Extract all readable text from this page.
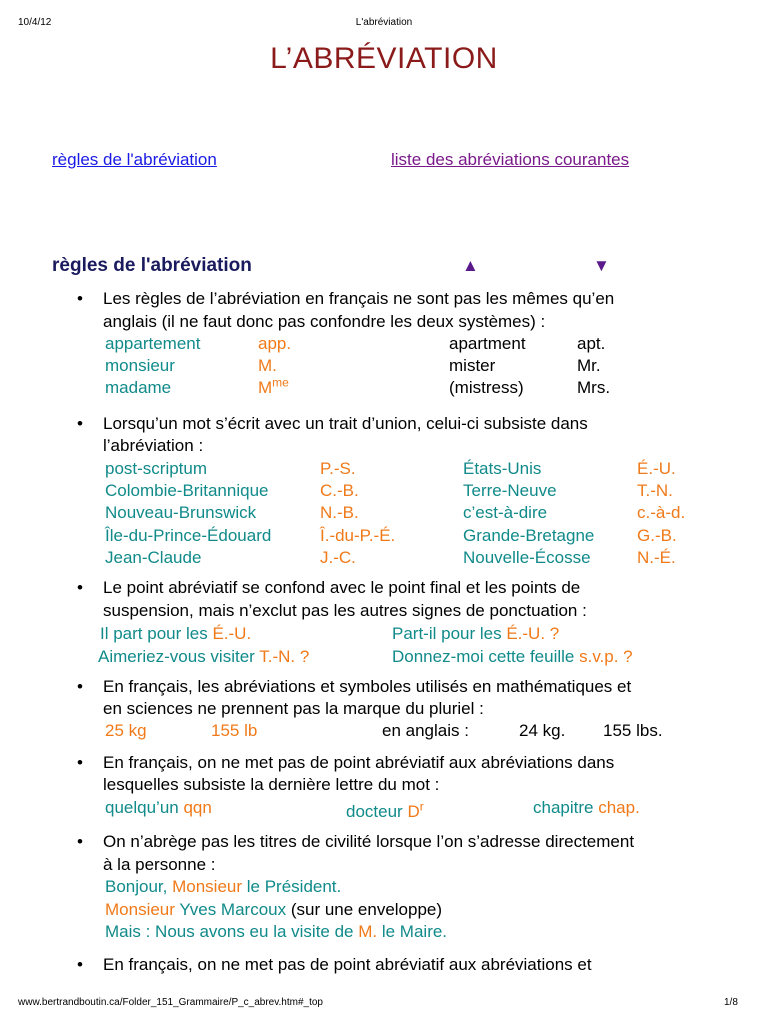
10/4/12	L'abréviation
L’ABRÉVIATION
règles de l'abréviation	liste des abréviations courantes
règles de l'abréviation	▲	▼
• Les règles de l’abréviation en français ne sont pas les mêmes qu’en
anglais (il ne faut donc pas confondre les deux systèmes) :
appartement	app.	apartment	apt.
monsieur	M.	mister	Mr.
madame	$M^{me}$	(mistress)	Mrs.
• Lorsqu’un mot s’écrit avec un trait d’union, celui-ci subsiste dans
l’abréviation :
post-scriptum	P.-S.	États-Unis	É.-U.
Colombie-Britannique	C.-B.	Terre-Neuve	T.-N.
Nouveau-Brunswick	N.-B.	c’est-à-dire	c.-à-d.
Île-du-Prince-Édouard	Î.-du-P.-É.	Grande-Bretagne	G.-B.
Jean-Claude	J.-C.	Nouvelle-Écosse	N.-É.
• Le point abréviatif se confond avec le point final et les points de
suspension, mais n’exclut pas les autres signes de ponctuation :
Il part pour les É.-U.	Part-il pour les É.-U. ?
Aimeriez-vous visiter T.-N. ?	Donnez-moi cette feuille s.v.p. ?
• En français, les abréviations et symboles utilisés en mathématiques et
en sciences ne prennent pas la marque du pluriel :
25 kg	155 lb	en anglais :	24 kg. 155 lbs.
• En français, on ne met pas de point abréviatif aux abréviations dans
lesquelles subsiste la dernière lettre du mot :
quelqu’un qqn	docteur $D^r$	chapitre chap.
• On n’abrège pas les titres de civilité lorsque l’on s’adresse directement
à la personne :
Bonjour, Monsieur le Président.
Monsieur Yves Marcoux (sur une enveloppe)
Mais : Nous avons eu la visite de M. le Maire.
• En français, on ne met pas de point abréviatif aux abréviations et
www.bertrandboutin.ca/Folder_151_Grammaire/P_c_abrev.htm#_top	1/8
